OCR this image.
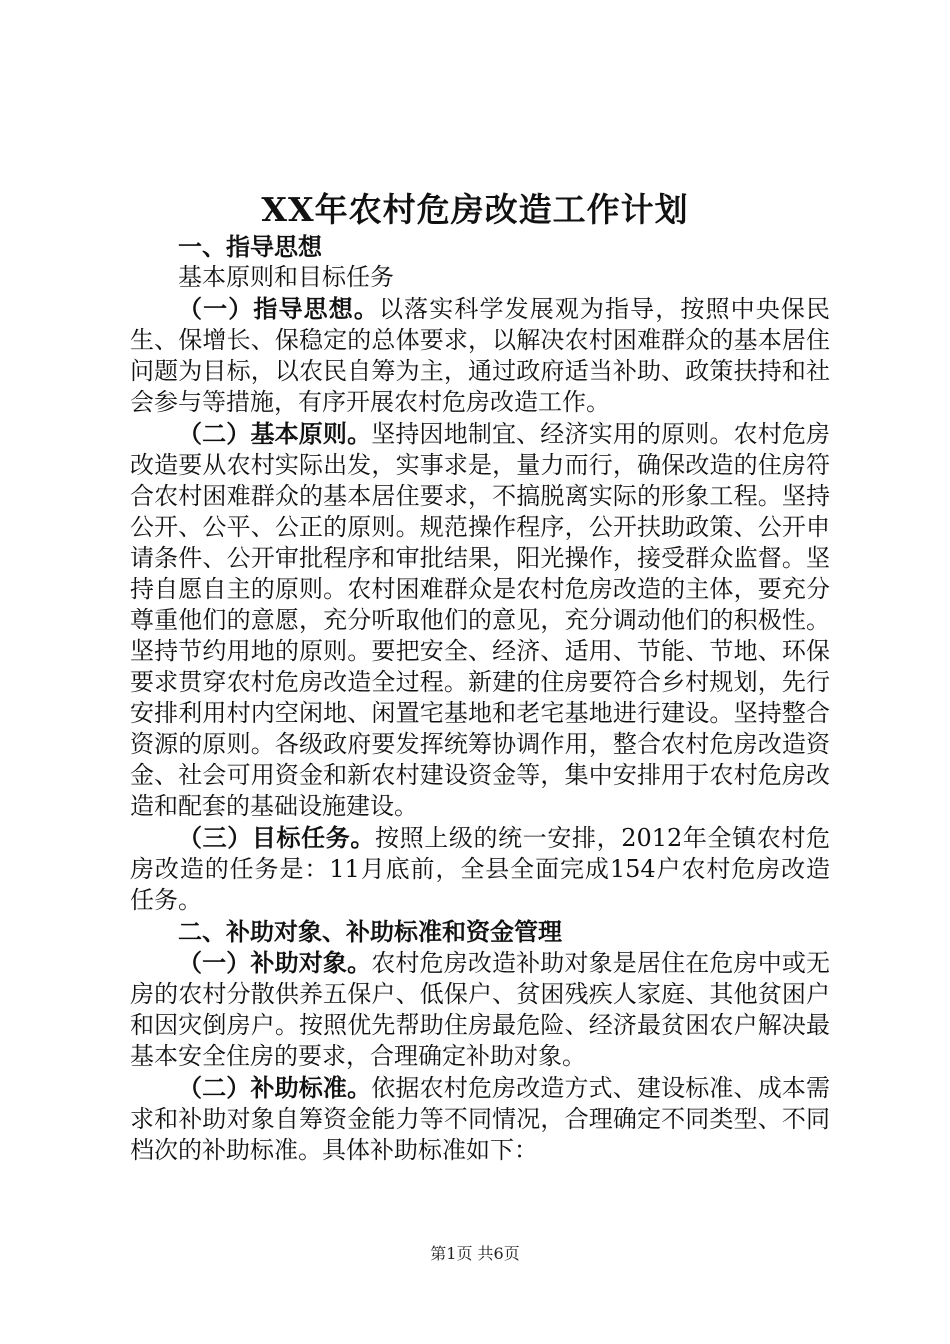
XX年农村危房改造工作计划

一、指导思想

基本原则和目标任务

（一）指导思想。以落实科学发展观为指导，按照中央保民生、保增长、保稳定的总体要求，以解决农村困难群众的基本居住问题为目标，以农民自筹为主，通过政府适当补助、政策扶持和社会参与等措施，有序开展农村危房改造工作。

（二）基本原则。坚持因地制宜、经济实用的原则。农村危房改造要从农村实际出发，实事求是，量力而行，确保改造的住房符合农村困难群众的基本居住要求，不搞脱离实际的形象工程。坚持公开、公平、公正的原则。规范操作程序，公开扶助政策、公开申请条件、公开审批程序和审批结果，阳光操作，接受群众监督。坚持自愿自主的原则。农村困难群众是农村危房改造的主体，要充分尊重他们的意愿，充分听取他们的意见，充分调动他们的积极性。坚持节约用地的原则。要把安全、经济、适用、节能、节地、环保要求贯穿农村危房改造全过程。新建的住房要符合乡村规划，先行安排利用村内空闲地、闲置宅基地和老宅基地进行建设。坚持整合资源的原则。各级政府要发挥统筹协调作用，整合农村危房改造资金、社会可用资金和新农村建设资金等，集中安排用于农村危房改造和配套的基础设施建设。

（三）目标任务。按照上级的统一安排，2012年全镇农村危房改造的任务是：11月底前，全县全面完成154户农村危房改造任务。

二、补助对象、补助标准和资金管理

（一）补助对象。农村危房改造补助对象是居住在危房中或无房的农村分散供养五保户、低保户、贫困残疾人家庭、其他贫困户和因灾倒房户。按照优先帮助住房最危险、经济最贫困农户解决最基本安全住房的要求，合理确定补助对象。

（二）补助标准。依据农村危房改造方式、建设标准、成本需求和补助对象自筹资金能力等不同情况，合理确定不同类型、不同档次的补助标准。具体补助标准如下：

第1页 共6页
